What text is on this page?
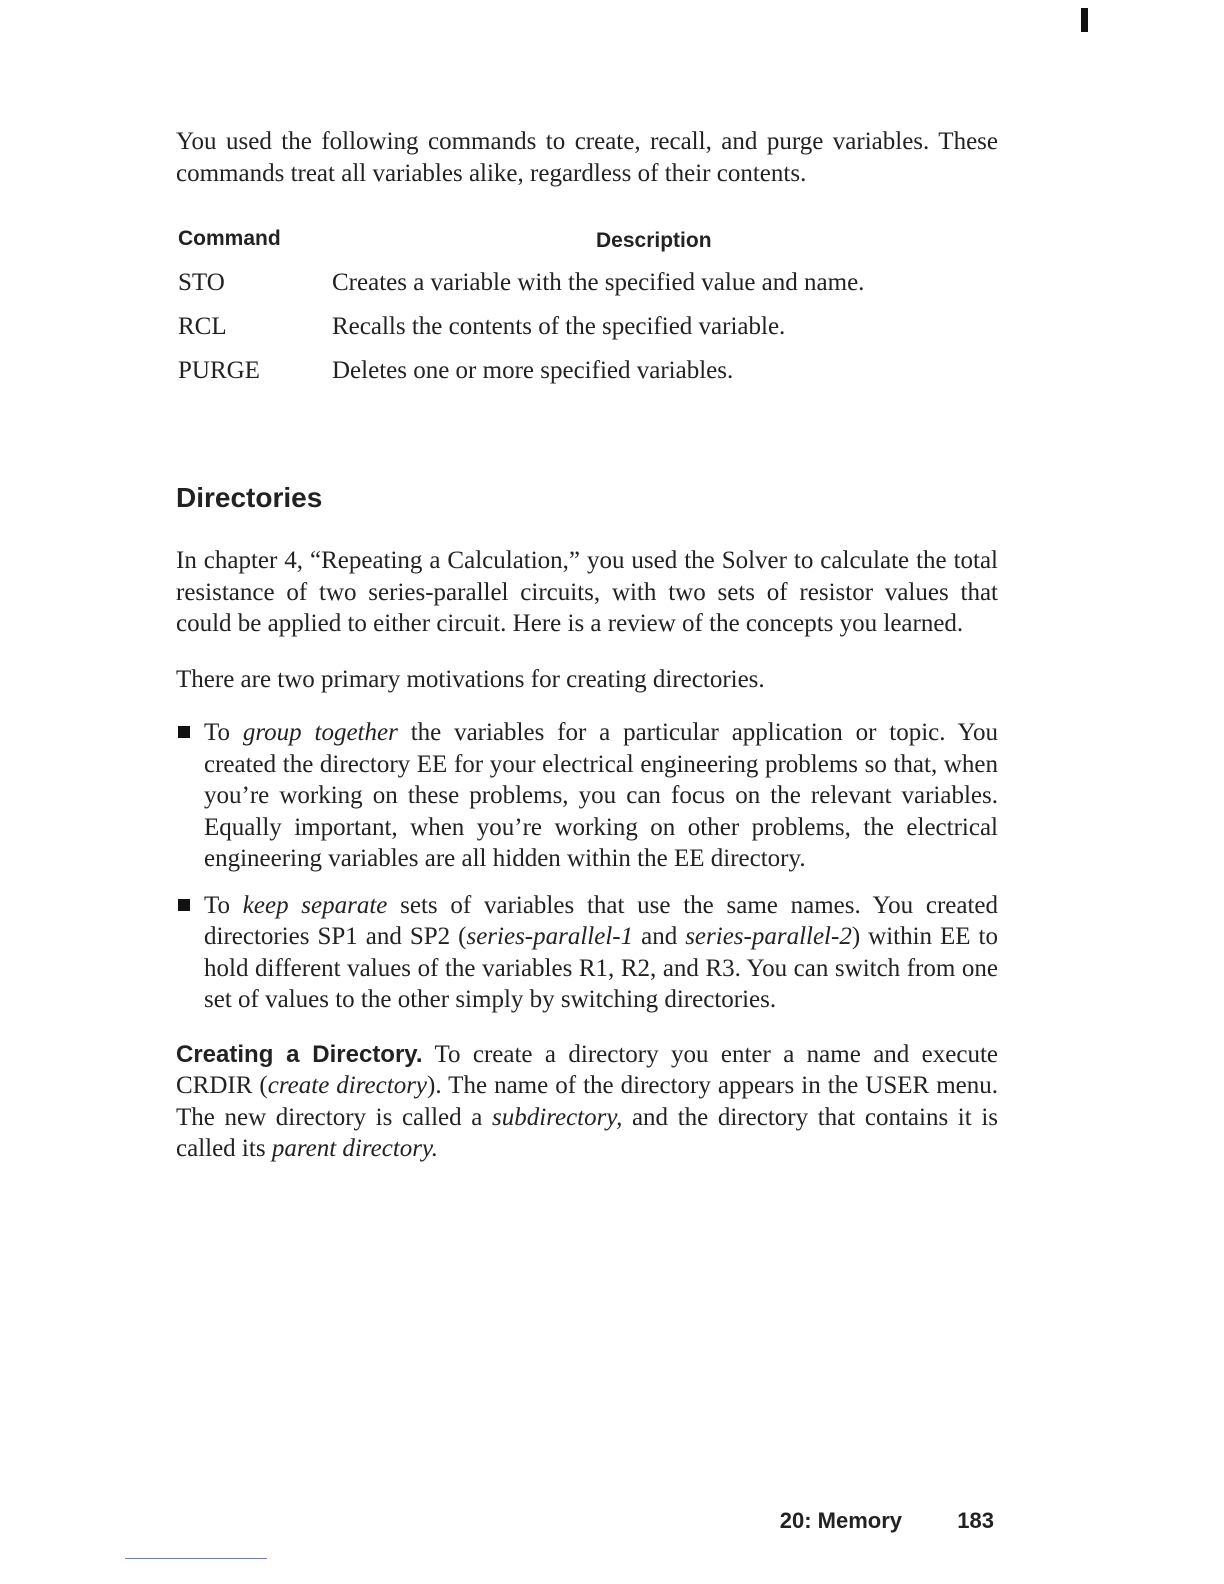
You used the following commands to create, recall, and purge variables. These commands treat all variables alike, regardless of their contents.

Command	Description
STO	Creates a variable with the specified value and name.
RCL	Recalls the contents of the specified variable.
PURGE	Deletes one or more specified variables.
Directories

In chapter 4, “Repeating a Calculation,” you used the Solver to calculate the total resistance of two series-parallel circuits, with two sets of resistor values that could be applied to either circuit. Here is a review of the concepts you learned.

There are two primary motivations for creating directories.

To group together the variables for a particular application or topic. You created the directory EE for your electrical engineering problems so that, when you’re working on these problems, you can focus on the relevant variables. Equally important, when you’re working on other problems, the electrical engineering variables are all hidden within the EE directory.
To keep separate sets of variables that use the same names. You created directories SP1 and SP2 (series-parallel-1 and series-parallel-2) within EE to hold different values of the variables R1, R2, and R3. You can switch from one set of values to the other simply by switching directories.

Creating a Directory. To create a directory you enter a name and execute CRDIR (create directory). The name of the directory appears in the USER menu. The new directory is called a subdirectory, and the directory that contains it is called its parent directory.

20: Memory	183
